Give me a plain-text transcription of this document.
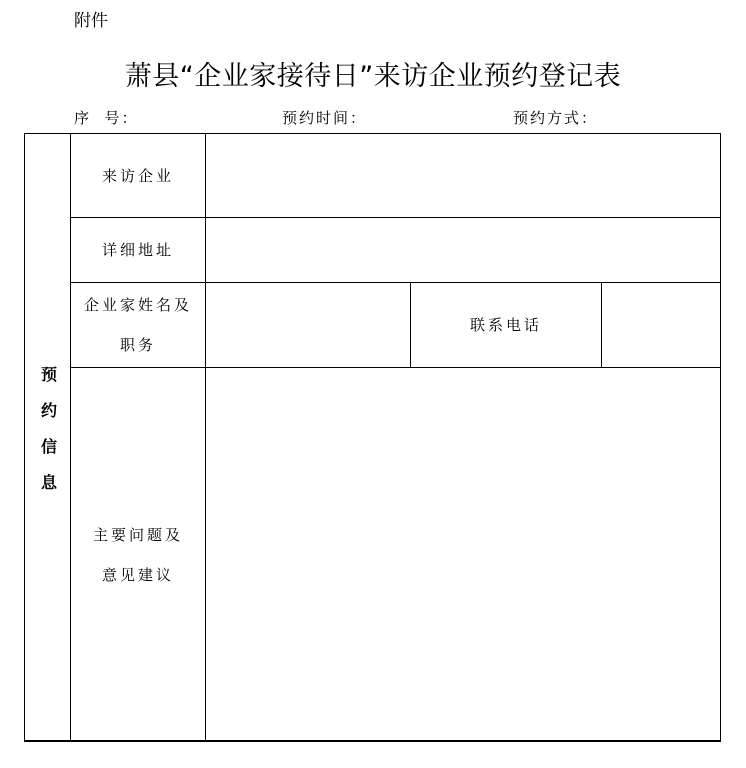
附件
萧县“企业家接待日”来访企业预约登记表
序  号：	预约时间：	预约方式：
预约信息
来访企业
详细地址
企业家姓名及
职务
联系电话
主要问题及
意见建议
